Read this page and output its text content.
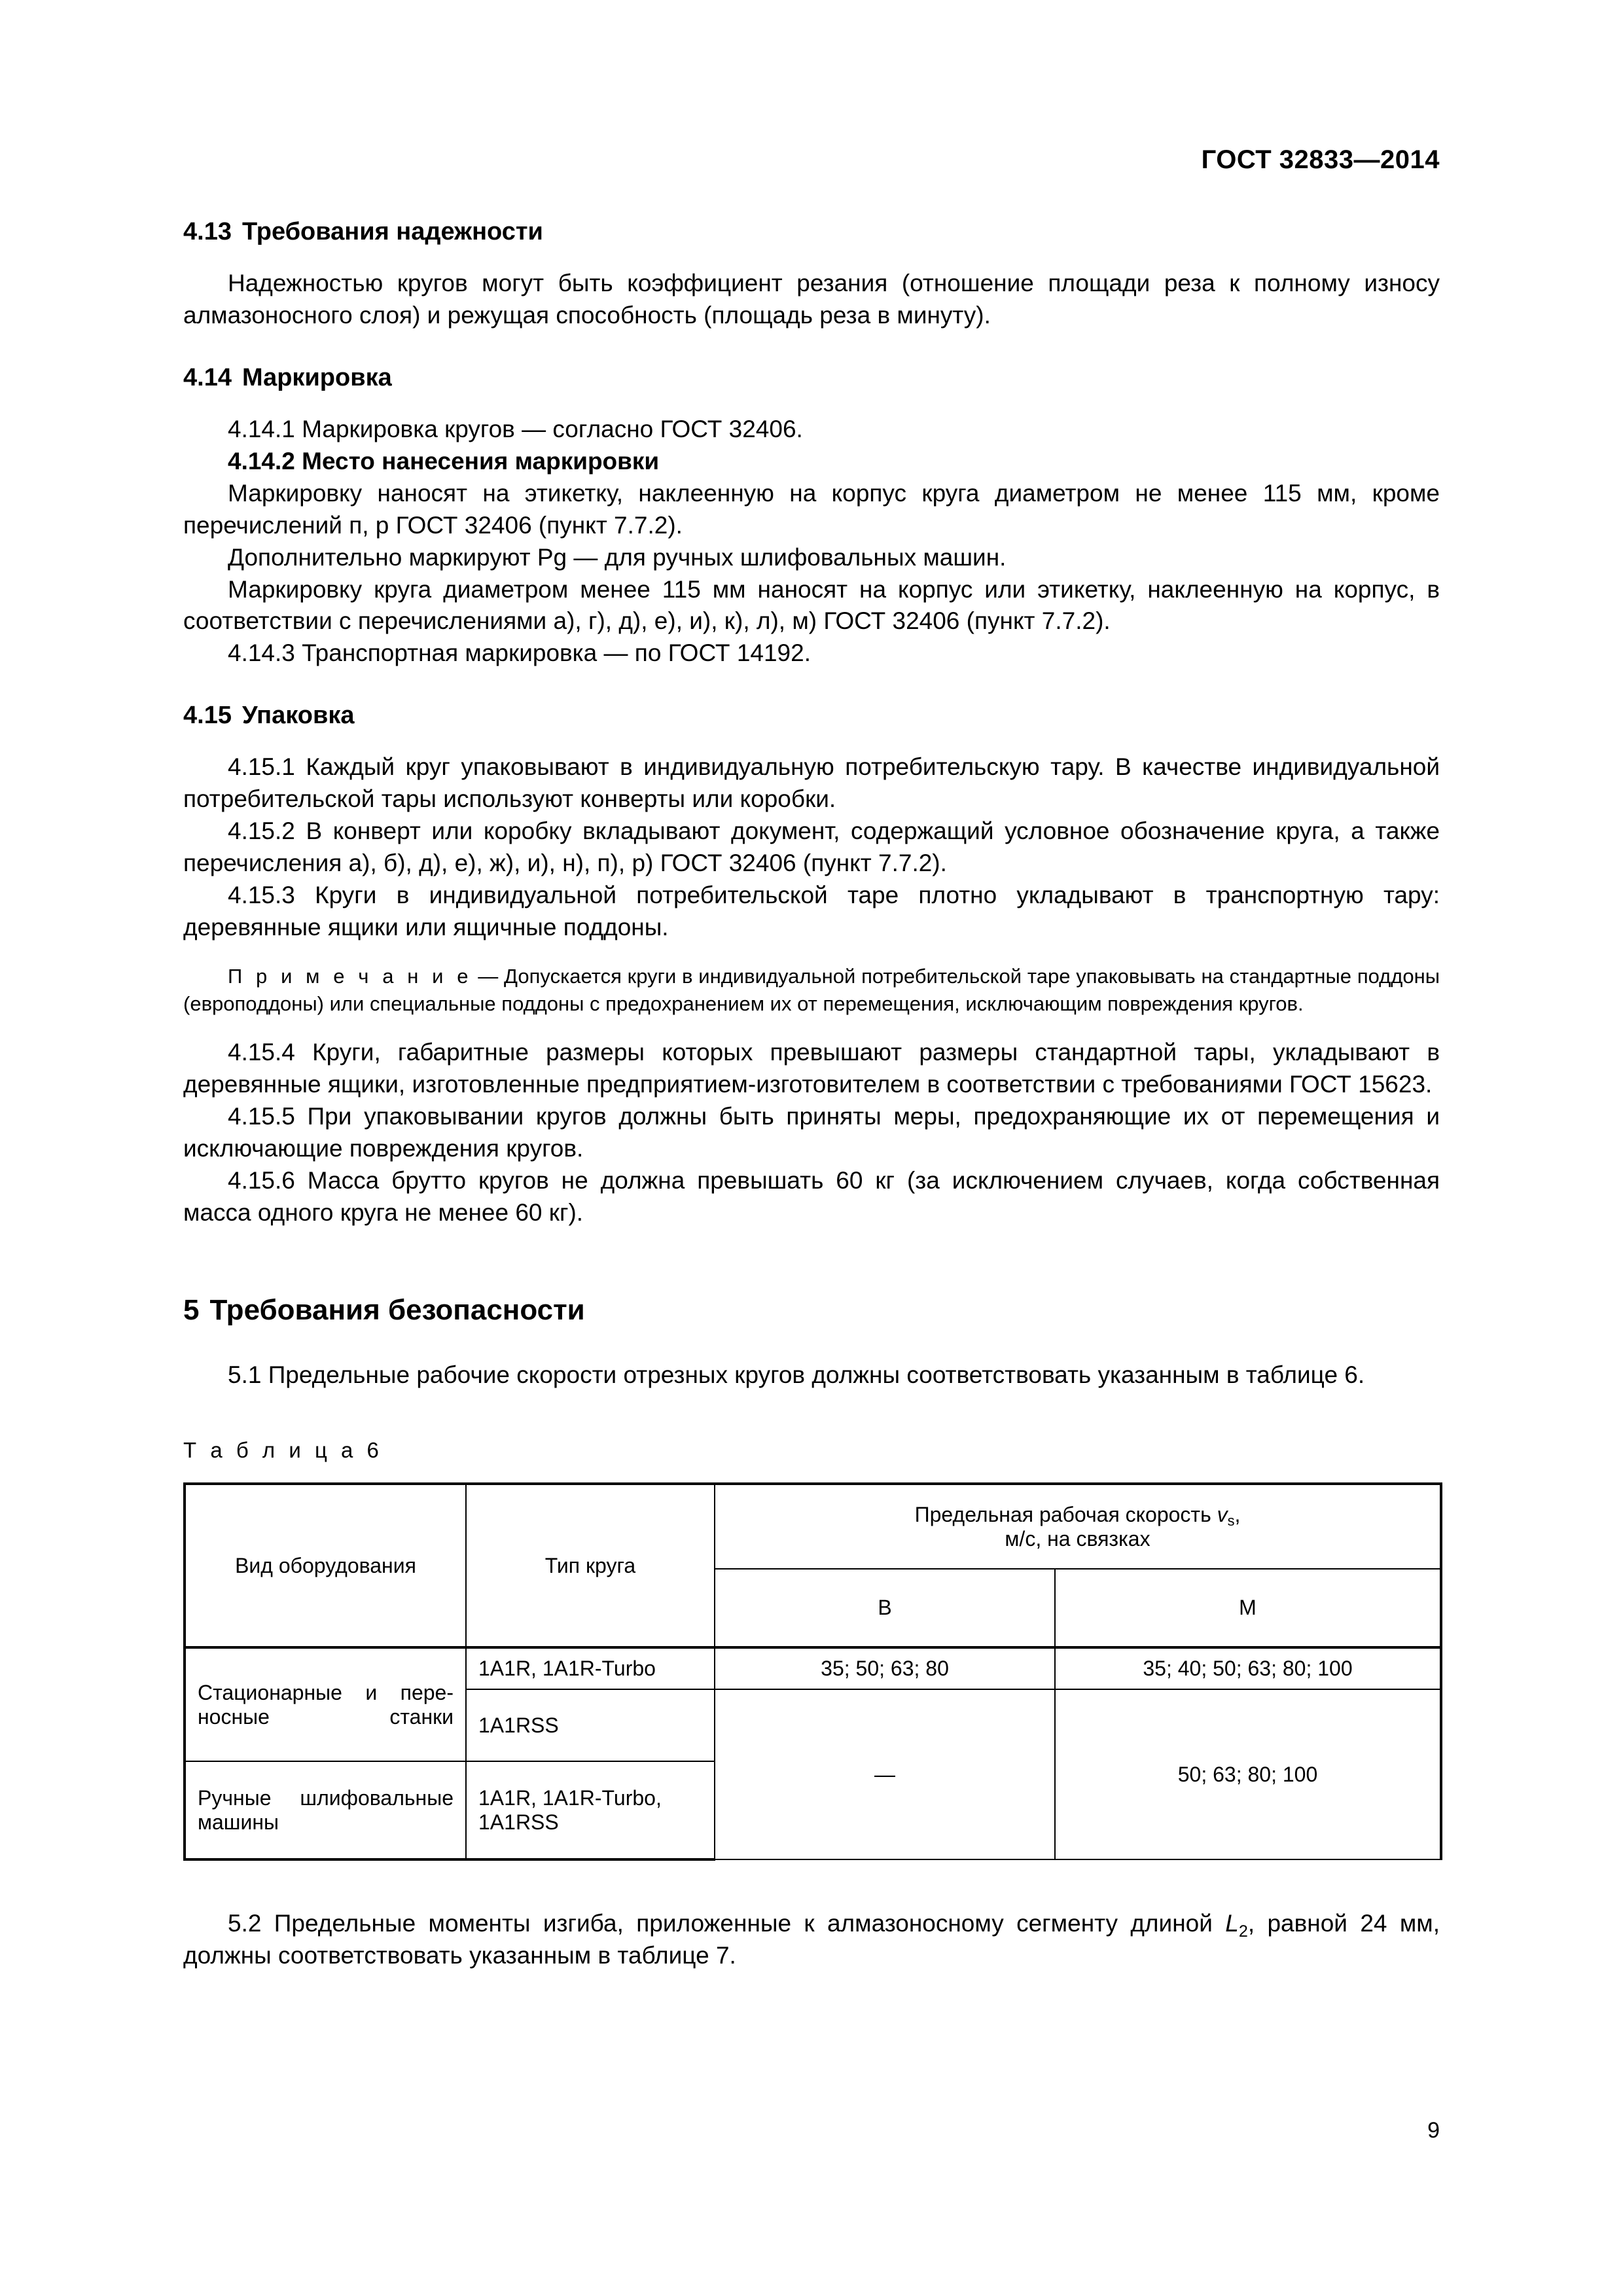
ГОСТ 32833—2014
4.13 Требования надежности

Надежностью кругов могут быть коэффициент резания (отношение площади реза к полному износу алмазоносного слоя) и режущая способность (площадь реза в минуту).

4.14 Маркировка

4.14.1 Маркировка кругов — согласно ГОСТ 32406.

4.14.2 Место нанесения маркировки

Маркировку наносят на этикетку, наклеенную на корпус круга диаметром не менее 115 мм, кроме перечислений п, р ГОСТ 32406 (пункт 7.7.2).

Дополнительно маркируют Pg — для ручных шлифовальных машин.

Маркировку круга диаметром менее 115 мм наносят на корпус или этикетку, наклеенную на корпус, в соответствии с перечислениями а), г), д), е), и), к), л), м) ГОСТ 32406 (пункт 7.7.2).

4.14.3 Транспортная маркировка — по ГОСТ 14192.

4.15 Упаковка

4.15.1 Каждый круг упаковывают в индивидуальную потребительскую тару. В качестве индивидуальной потребительской тары используют конверты или коробки.

4.15.2 В конверт или коробку вкладывают документ, содержащий условное обозначение круга, а также перечисления а), б), д), е), ж), и), н), п), р) ГОСТ 32406 (пункт 7.7.2).

4.15.3 Круги в индивидуальной потребительской таре плотно укладывают в транспортную тару: деревянные ящики или ящичные поддоны.

П р и м е ч а н и е — Допускается круги в индивидуальной потребительской таре упаковывать на стандартные поддоны (европоддоны) или специальные поддоны с предохранением их от перемещения, исключающим повреждения кругов.

4.15.4 Круги, габаритные размеры которых превышают размеры стандартной тары, укладывают в деревянные ящики, изготовленные предприятием-изготовителем в соответствии с требованиями ГОСТ 15623.

4.15.5 При упаковывании кругов должны быть приняты меры, предохраняющие их от перемещения и исключающие повреждения кругов.

4.15.6 Масса брутто кругов не должна превышать 60 кг (за исключением случаев, когда собственная масса одного круга не менее 60 кг).

5 Требования безопасности

5.1 Предельные рабочие скорости отрезных кругов должны соответствовать указанным в таблице 6.

Т а б л и ц а 6

Вид оборудования	Тип круга	Предельная рабочая скорость $v_s$,
м/с, на связках	
		В	М
Стационарные и переносные станки	1A1R, 1A1R-Turbo	35; 50; 63; 80	35; 40; 50; 63; 80; 100
	1A1RSS	—	50; 63; 80; 100
Ручные шлифовальные машины	1A1R, 1A1R-Turbo, 1A1RSS		

5.2 Предельные моменты изгиба, приложенные к алмазоносному сегменту длиной $L_2$, равной 24 мм, должны соответствовать указанным в таблице 7.

9
